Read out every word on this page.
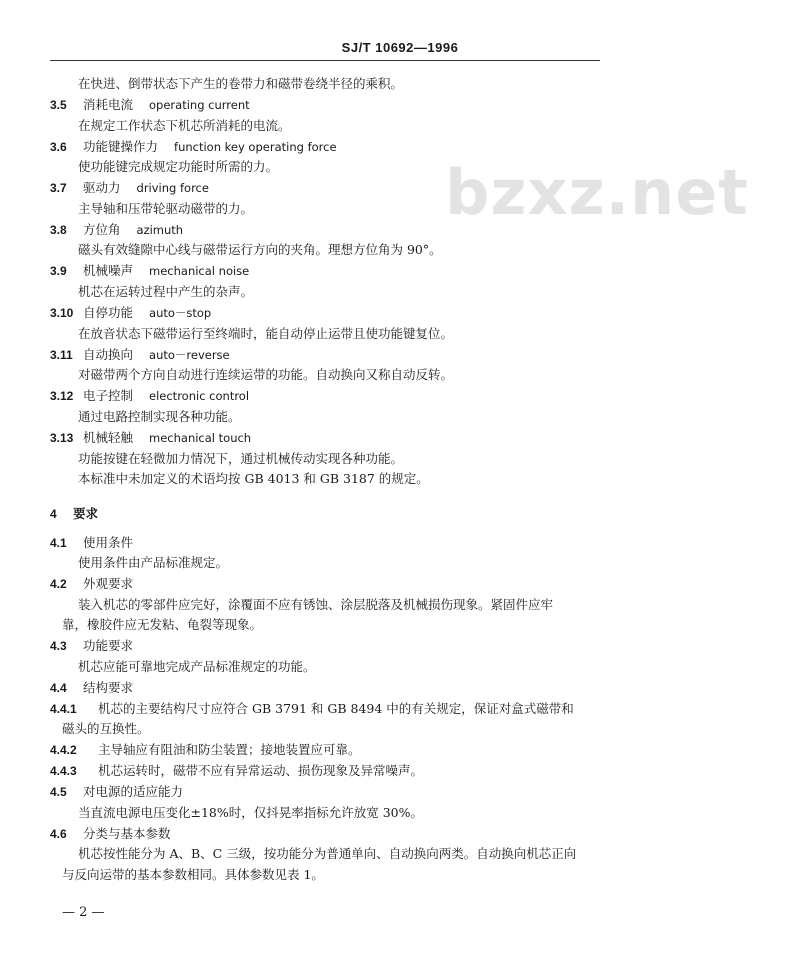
bzxz.net
SJ/T 10692—1996
在快进、倒带状态下产生的卷带力和磁带卷绕半径的乘积。
3.5 消耗电流 operating current
在规定工作状态下机芯所消耗的电流。
3.6 功能键操作力 function key operating force
使功能键完成规定功能时所需的力。
3.7 驱动力 driving force
主导轴和压带轮驱动磁带的力。
3.8 方位角 azimuth
磁头有效缝隙中心线与磁带运行方向的夹角。理想方位角为 90°。
3.9 机械噪声 mechanical noise
机芯在运转过程中产生的杂声。
3.10 自停功能 auto－stop
在放音状态下磁带运行至终端时，能自动停止运带且使功能键复位。
3.11 自动换向 auto－reverse
对磁带两个方向自动进行连续运带的功能。自动换向又称自动反转。
3.12 电子控制 electronic control
通过电路控制实现各种功能。
3.13 机械轻触 mechanical touch
功能按键在轻微加力情况下，通过机械传动实现各种功能。
本标准中未加定义的术语均按 GB 4013 和 GB 3187 的规定。
4 要求
4.1 使用条件
使用条件由产品标准规定。
4.2 外观要求
装入机芯的零部件应完好，涂覆面不应有锈蚀、涂层脱落及机械损伤现象。紧固件应牢
靠，橡胶件应无发粘、龟裂等现象。
4.3 功能要求
机芯应能可靠地完成产品标准规定的功能。
4.4 结构要求
4.4.1 机芯的主要结构尺寸应符合 GB 3791 和 GB 8494 中的有关规定，保证对盒式磁带和
磁头的互换性。
4.4.2 主导轴应有阻油和防尘装置；接地装置应可靠。
4.4.3 机芯运转时，磁带不应有异常运动、损伤现象及异常噪声。
4.5 对电源的适应能力
当直流电源电压变化±18%时，仅抖晃率指标允许放宽 30%。
4.6 分类与基本参数
机芯按性能分为 A、B、C 三级，按功能分为普通单向、自动换向两类。自动换向机芯正向
与反向运带的基本参数相同。具体参数见表 1。
— 2 —
